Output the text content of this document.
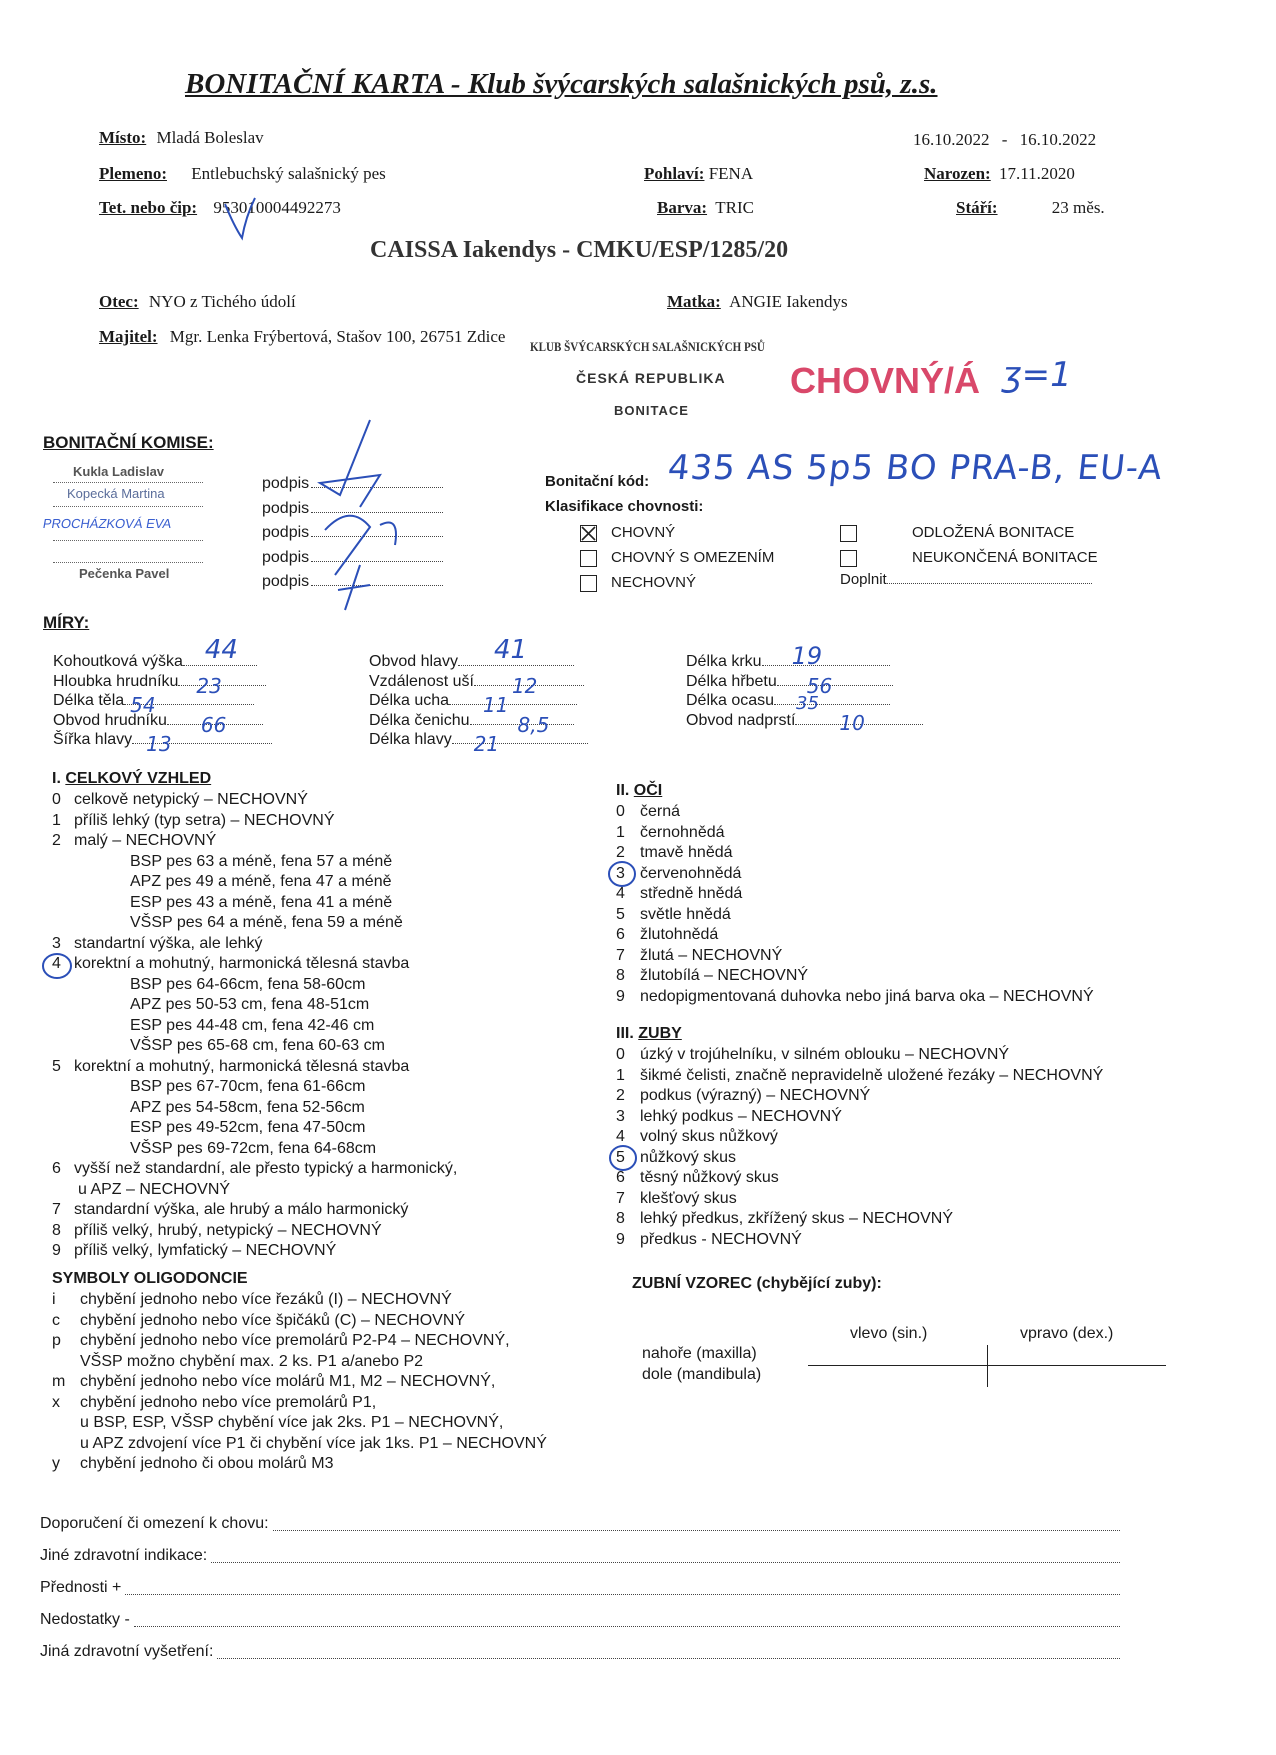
BONITAČNÍ KARTA - Klub švýcarských salašnických psů, z.s.
Místo: Mladá Boleslav	16.10.2022 - 16.10.2022
Plemeno: Entlebuchský salašnický pes	Pohlaví: FENA	Narozen: 17.11.2020
Tet. nebo čip: 953010004492273	Barva: TRIC	Stáří:	23 měs.
CAISSA Iakendys - CMKU/ESP/1285/20
Otec: NYO z Tichého údolí	Matka: ANGIE Iakendys
Majitel: Mgr. Lenka Frýbertová, Stašov 100, 26751 Zdice
KLUB ŠVÝCARSKÝCH SALAŠNICKÝCH PSŮ
ČESKÁ REPUBLIKA
BONITACE
CHOVNÝ/Á ʒ=1
BONITAČNÍ KOMISE:
Kukla Ladislav
Kopecká Martina
PROCHÁZKOVÁ EVA
Pečenka Pavel
podpis
podpis
podpis
podpis
podpis
Bonitační kód: 435 AS 5p5 BO PRA-B, EU-A
Klasifikace chovnosti:
CHOVNÝ
CHOVNÝ S OMEZENÍM
NECHOVNÝ
ODLOŽENÁ BONITACE
NEUKONČENÁ BONITACE
Doplnit
MÍRY:
Kohoutková výška 44
Hloubka hrudníku 23
Délka těla 54
Obvod hrudníku 66
Šířka hlavy 13
Obvod hlavy 41
Vzdálenost uší 12
Délka ucha 11
Délka čenichu 8,5
Délka hlavy 21
Délka krku 19
Délka hřbetu 56
Délka ocasu 35
Obvod nadprstí 10
I. CELKOVÝ VZHLED
0 celkově netypický – NECHOVNÝ
1 příliš lehký (typ setra) – NECHOVNÝ
2 malý – NECHOVNÝ
BSP pes 63 a méně, fena 57 a méně
APZ pes 49 a méně, fena 47 a méně
ESP pes 43 a méně, fena 41 a méně
VŠSP pes 64 a méně, fena 59 a méně
3 standartní výška, ale lehký
4 korektní a mohutný, harmonická tělesná stavba
BSP pes 64-66cm, fena 58-60cm
APZ pes 50-53 cm, fena 48-51cm
ESP pes 44-48 cm, fena 42-46 cm
VŠSP pes 65-68 cm, fena 60-63 cm
5 korektní a mohutný, harmonická tělesná stavba
BSP pes 67-70cm, fena 61-66cm
APZ pes 54-58cm, fena 52-56cm
ESP pes 49-52cm, fena 47-50cm
VŠSP pes 69-72cm, fena 64-68cm
6 vyšší než standardní, ale přesto typický a harmonický,
u APZ – NECHOVNÝ
7 standardní výška, ale hrubý a málo harmonický
8 příliš velký, hrubý, netypický – NECHOVNÝ
9 příliš velký, lymfatický – NECHOVNÝ
II. OČI
0 černá
1 černohnědá
2 tmavě hnědá
3 červenohnědá
4 středně hnědá
5 světle hnědá
6 žlutohnědá
7 žlutá – NECHOVNÝ
8 žlutobílá – NECHOVNÝ
9 nedopigmentovaná duhovka nebo jiná barva oka – NECHOVNÝ
III. ZUBY
0 úzký v trojúhelníku, v silném oblouku – NECHOVNÝ
1 šikmé čelisti, značně nepravidelně uložené řezáky – NECHOVNÝ
2 podkus (výrazný) – NECHOVNÝ
3 lehký podkus – NECHOVNÝ
4 volný skus nůžkový
5 nůžkový skus
6 těsný nůžkový skus
7 klešťový skus
8 lehký předkus, zkřížený skus – NECHOVNÝ
9 předkus - NECHOVNÝ
SYMBOLY OLIGODONCIE
i chybění jednoho nebo více řezáků (I) – NECHOVNÝ
c chybění jednoho nebo více špičáků (C) – NECHOVNÝ
p chybění jednoho nebo více premolárů P2-P4 – NECHOVNÝ,
VŠSP možno chybění max. 2 ks. P1 a/anebo P2
m chybění jednoho nebo více molárů M1, M2 – NECHOVNÝ,
x chybění jednoho nebo více premolárů P1,
u BSP, ESP, VŠSP chybění více jak 2ks. P1 – NECHOVNÝ,
u APZ zdvojení více P1 či chybění více jak 1ks. P1 – NECHOVNÝ
y chybění jednoho či obou molárů M3
ZUBNÍ VZOREC (chybějící zuby):
vlevo (sin.)	vpravo (dex.)
nahoře (maxilla)
dole (mandibula)
Doporučení či omezení k chovu:
Jiné zdravotní indikace:
Přednosti +
Nedostatky -
Jiná zdravotní vyšetření:
